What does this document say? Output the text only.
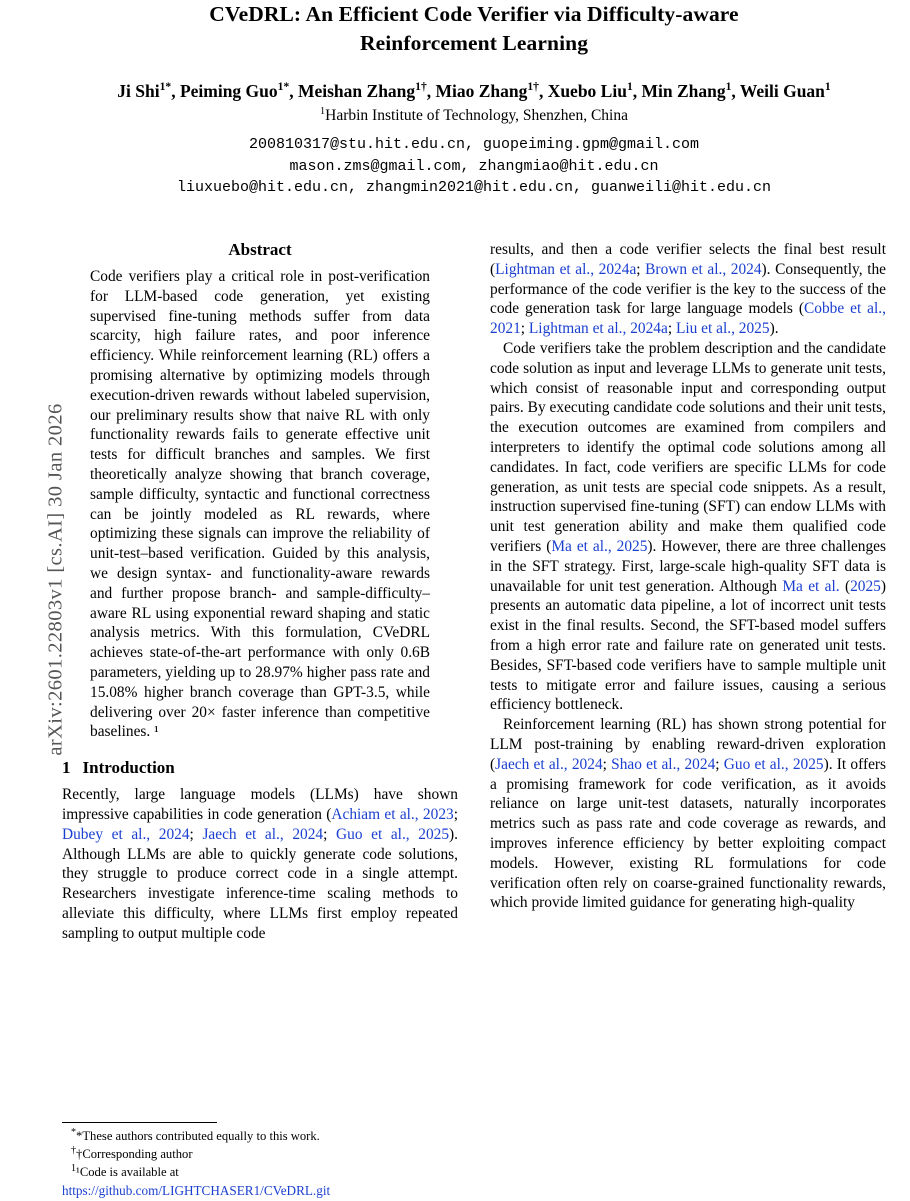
arXiv:2601.22803v1 [cs.AI] 30 Jan 2026
CVeDRL: An Efficient Code Verifier via Difficulty-aware
Reinforcement Learning
Ji Shi$^{1*}$, Peiming Guo$^{1*}$, Meishan Zhang$^{1\dagger}$, Miao Zhang$^{1\dagger}$, Xuebo Liu$^1$, Min Zhang$^1$, Weili Guan$^1$
$^1$Harbin Institute of Technology, Shenzhen, China
200810317@stu.hit.edu.cn, guopeiming.gpm@gmail.com
mason.zms@gmail.com, zhangmiao@hit.edu.cn
liuxuebo@hit.edu.cn, zhangmin2021@hit.edu.cn, guanweili@hit.edu.cn
Abstract

Code verifiers play a critical role in post-verification for LLM-based code generation, yet existing supervised fine-tuning methods suffer from data scarcity, high failure rates, and poor inference efficiency. While reinforcement learning (RL) offers a promising alternative by optimizing models through execution-driven rewards without labeled supervision, our preliminary results show that naive RL with only functionality rewards fails to generate effective unit tests for difficult branches and samples. We first theoretically analyze showing that branch coverage, sample difficulty, syntactic and functional correctness can be jointly modeled as RL rewards, where optimizing these signals can improve the reliability of unit-test–based verification. Guided by this analysis, we design syntax- and functionality-aware rewards and further propose branch- and sample-difficulty–aware RL using exponential reward shaping and static analysis metrics. With this formulation, CVeDRL achieves state-of-the-art performance with only 0.6B parameters, yielding up to 28.97% higher pass rate and 15.08% higher branch coverage than GPT-3.5, while delivering over 20× faster inference than competitive baselines. ¹

1 Introduction

Recently, large language models (LLMs) have shown impressive capabilities in code generation (Achiam et al., 2023; Dubey et al., 2024; Jaech et al., 2024; Guo et al., 2025). Although LLMs are able to quickly generate code solutions, they struggle to produce correct code in a single attempt. Researchers investigate inference-time scaling methods to alleviate this difficulty, where LLMs first employ repeated sampling to output multiple code

results, and then a code verifier selects the final best result (Lightman et al., 2024a; Brown et al., 2024). Consequently, the performance of the code verifier is the key to the success of the code generation task for large language models (Cobbe et al., 2021; Lightman et al., 2024a; Liu et al., 2025).

Code verifiers take the problem description and the candidate code solution as input and leverage LLMs to generate unit tests, which consist of reasonable input and corresponding output pairs. By executing candidate code solutions and their unit tests, the execution outcomes are examined from compilers and interpreters to identify the optimal code solutions among all candidates. In fact, code verifiers are specific LLMs for code generation, as unit tests are special code snippets. As a result, instruction supervised fine-tuning (SFT) can endow LLMs with unit test generation ability and make them qualified code verifiers (Ma et al., 2025). However, there are three challenges in the SFT strategy. First, large-scale high-quality SFT data is unavailable for unit test generation. Although Ma et al. (2025) presents an automatic data pipeline, a lot of incorrect unit tests exist in the final results. Second, the SFT-based model suffers from a high error rate and failure rate on generated unit tests. Besides, SFT-based code verifiers have to sample multiple unit tests to mitigate error and failure issues, causing a serious efficiency bottleneck.

Reinforcement learning (RL) has shown strong potential for LLM post-training by enabling reward-driven exploration (Jaech et al., 2024; Shao et al., 2024; Guo et al., 2025). It offers a promising framework for code verification, as it avoids reliance on large unit-test datasets, naturally incorporates metrics such as pass rate and code coverage as rewards, and improves inference efficiency by better exploiting compact models. However, existing RL formulations for code verification often rely on coarse-grained functionality rewards, which provide limited guidance for generating high-quality

**These authors contributed equally to this work.

††Corresponding author

$^1$¹Code is available at

https://github.com/LIGHTCHASER1/CVeDRL.git
